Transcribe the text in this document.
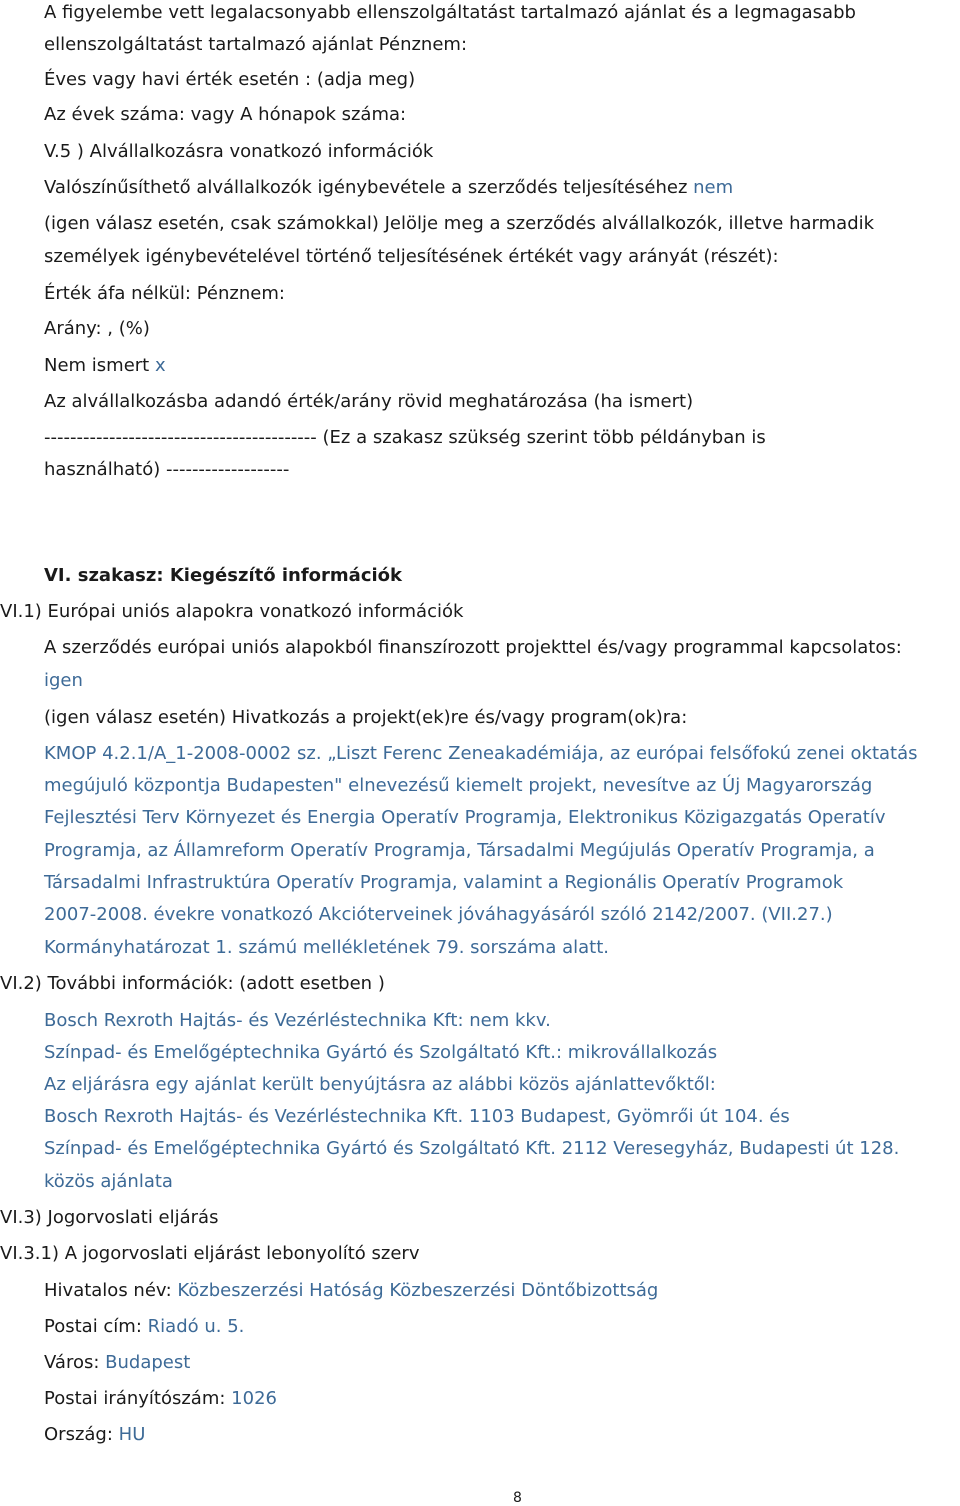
A figyelembe vett legalacsonyabb ellenszolgáltatást tartalmazó ajánlat és a legmagasabb
ellenszolgáltatást tartalmazó ajánlat Pénznem:
Éves vagy havi érték esetén : (adja meg)
Az évek száma: vagy A hónapok száma:
V.5 ) Alvállalkozásra vonatkozó információk
Valószínűsíthető alvállalkozók igénybevétele a szerződés teljesítéséhez nem
(igen válasz esetén, csak számokkal) Jelölje meg a szerződés alvállalkozók, illetve harmadik
személyek igénybevételével történő teljesítésének értékét vagy arányát (részét):
Érték áfa nélkül: Pénznem:
Arány: , (%)
Nem ismert x
Az alvállalkozásba adandó érték/arány rövid meghatározása (ha ismert)
------------------------------------------ (Ez a szakasz szükség szerint több példányban is
használható) -------------------
VI. szakasz: Kiegészítő információk
VI.1) Európai uniós alapokra vonatkozó információk
A szerződés európai uniós alapokból finanszírozott projekttel és/vagy programmal kapcsolatos:
igen
(igen válasz esetén) Hivatkozás a projekt(ek)re és/vagy program(ok)ra:
KMOP 4.2.1/A_1-2008-0002 sz. „Liszt Ferenc Zeneakadémiája, az európai felsőfokú zenei oktatás
megújuló központja Budapesten" elnevezésű kiemelt projekt, nevesítve az Új Magyarország
Fejlesztési Terv Környezet és Energia Operatív Programja, Elektronikus Közigazgatás Operatív
Programja, az Államreform Operatív Programja, Társadalmi Megújulás Operatív Programja, a
Társadalmi Infrastruktúra Operatív Programja, valamint a Regionális Operatív Programok
2007-2008. évekre vonatkozó Akcióterveinek jóváhagyásáról szóló 2142/2007. (VII.27.)
Kormányhatározat 1. számú mellékletének 79. sorszáma alatt.
VI.2) További információk: (adott esetben )
Bosch Rexroth Hajtás- és Vezérléstechnika Kft: nem kkv.
Színpad- és Emelőgéptechnika Gyártó és Szolgáltató Kft.: mikrovállalkozás
Az eljárásra egy ajánlat került benyújtásra az alábbi közös ajánlattevőktől:
Bosch Rexroth Hajtás- és Vezérléstechnika Kft. 1103 Budapest, Gyömrői út 104. és
Színpad- és Emelőgéptechnika Gyártó és Szolgáltató Kft. 2112 Veresegyház, Budapesti út 128.
közös ajánlata
VI.3) Jogorvoslati eljárás
VI.3.1) A jogorvoslati eljárást lebonyolító szerv
Hivatalos név: Közbeszerzési Hatóság Közbeszerzési Döntőbizottság
Postai cím: Riadó u. 5.
Város: Budapest
Postai irányítószám: 1026
Ország: HU
8
